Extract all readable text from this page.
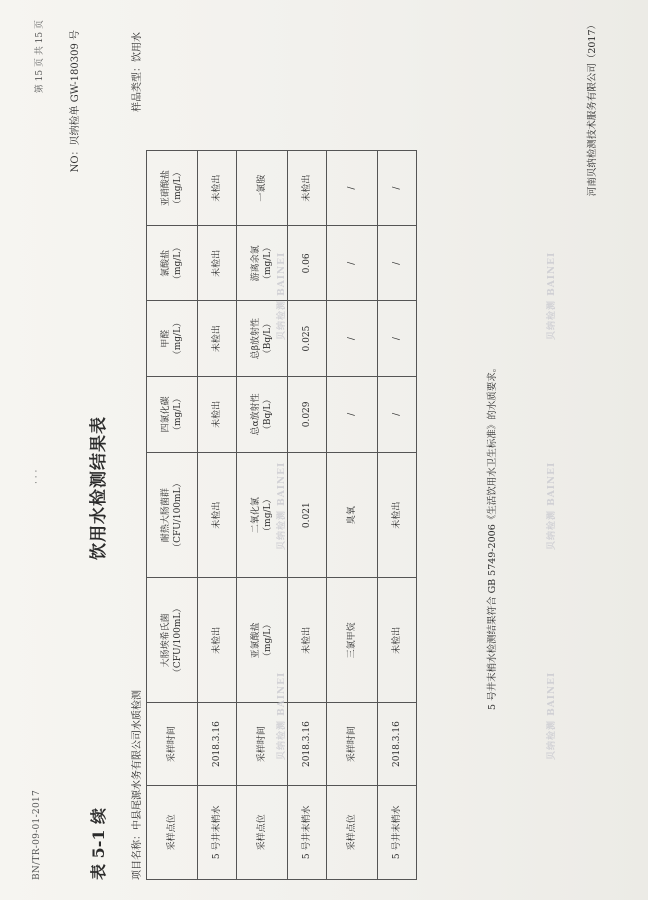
BN/TR-09-01-2017
· · ·
第 15 页 共 15 页
表 5-1 续
饮用水检测结果表
NO：贝纳检单 GW-180309 号
项目名称：中县尾源水务有限公司水质检测
样品类型：饮用水
采样点位	采样时间	大肠埃希氏菌 （CFU/100mL）	耐热大肠菌群 （CFU/100mL）	四氯化碳 （mg/L）	甲醛 （mg/L）	氯酸盐 （mg/L）	亚硝酸盐 （mg/L）
5 号井末梢水	2018.3.16	未检出	未检出	未检出	未检出	未检出	未检出
采样点位	采样时间	亚氯酸盐 （mg/L）	二氧化氯 （mg/L）	总α放射性 （Bq/L）	总β放射性 （Bq/L）	游离余氯 （mg/L）	一氯胺
5 号井末梢水	2018.3.16	未检出	0.021	0.029	0.025	0.06	未检出
采样点位	采样时间	三氯甲烷	臭氧	/	/	/	/
5 号井末梢水	2018.3.16	未检出	未检出	/	/	/	/
5 号井末梢水检测结果符合 GB 5749-2006《生活饮用水卫生标准》的水质要求。
河南贝纳检测技术服务有限公司（2017）
贝纳检测 BAINEI
贝纳检测 BAINEI
贝纳检测 BAINEI
贝纳检测 BAINEI
贝纳检测 BAINEI
贝纳检测 BAINEI
